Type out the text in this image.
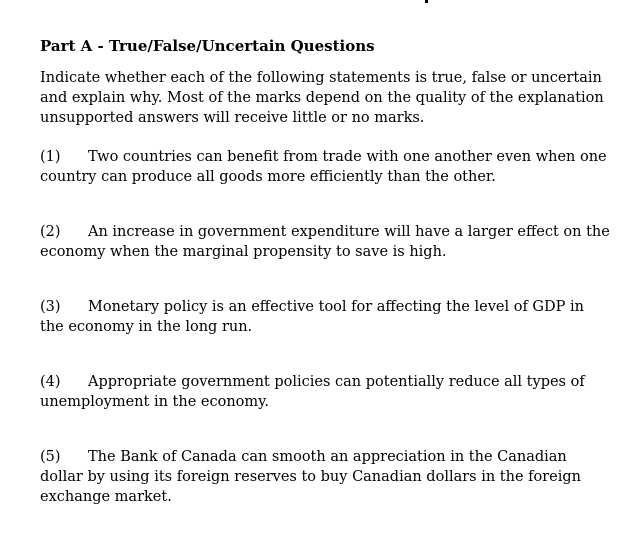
Part A - True/False/Uncertain Questions
Indicate whether each of the following statements is true, false or uncertain and explain why. Most of the marks depend on the quality of the explanation unsupported answers will receive little or no marks.
(1) Two countries can benefit from trade with one another even when one country can produce all goods more efficiently than the other.
(2) An increase in government expenditure will have a larger effect on the economy when the marginal propensity to save is high.
(3) Monetary policy is an effective tool for affecting the level of GDP in the economy in the long run.
(4) Appropriate government policies can potentially reduce all types of unemployment in the economy.
(5) The Bank of Canada can smooth an appreciation in the Canadian dollar by using its foreign reserves to buy Canadian dollars in the foreign exchange market.
